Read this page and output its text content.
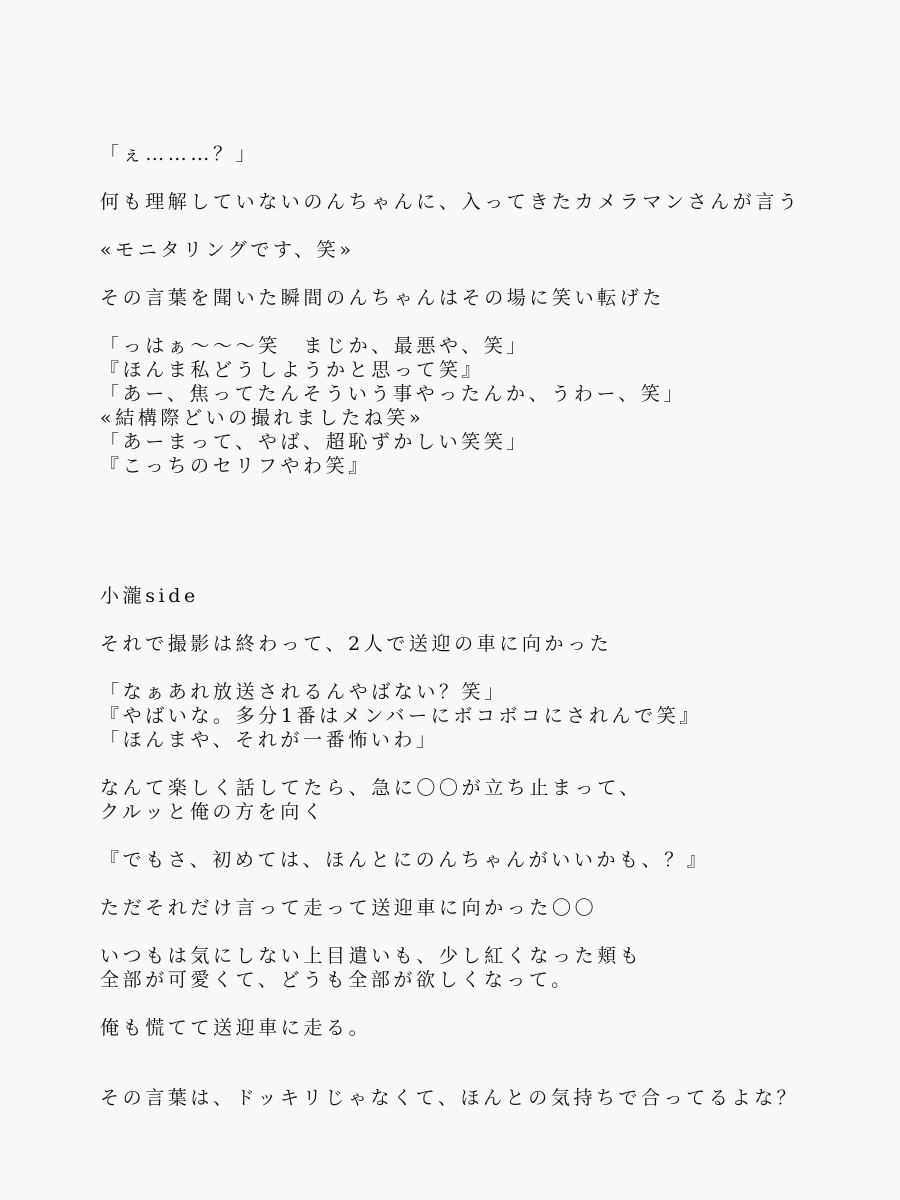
「ぇ………？」

何も理解していないのんちゃんに、入ってきたカメラマンさんが言う

«モニタリングです、笑»

その言葉を聞いた瞬間のんちゃんはその場に笑い転げた

「っはぁ〜〜〜笑　まじか、最悪や、笑」

『ほんま私どうしようかと思って笑』

「あー、焦ってたんそういう事やったんか、うわー、笑」

«結構際どいの撮れましたね笑»

「あーまって、やば、超恥ずかしい笑笑」

『こっちのセリフやわ笑』

小瀧side

それで撮影は終わって、2人で送迎の車に向かった

「なぁあれ放送されるんやばない？笑」

『やばいな。多分1番はメンバーにボコボコにされんで笑』

「ほんまや、それが一番怖いわ」

なんて楽しく話してたら、急に〇〇が立ち止まって、

クルッと俺の方を向く

『でもさ、初めては、ほんとにのんちゃんがいいかも、？』

ただそれだけ言って走って送迎車に向かった〇〇

いつもは気にしない上目遣いも、少し紅くなった頬も

全部が可愛くて、どうも全部が欲しくなって。

俺も慌てて送迎車に走る。

その言葉は、ドッキリじゃなくて、ほんとの気持ちで合ってるよな？
